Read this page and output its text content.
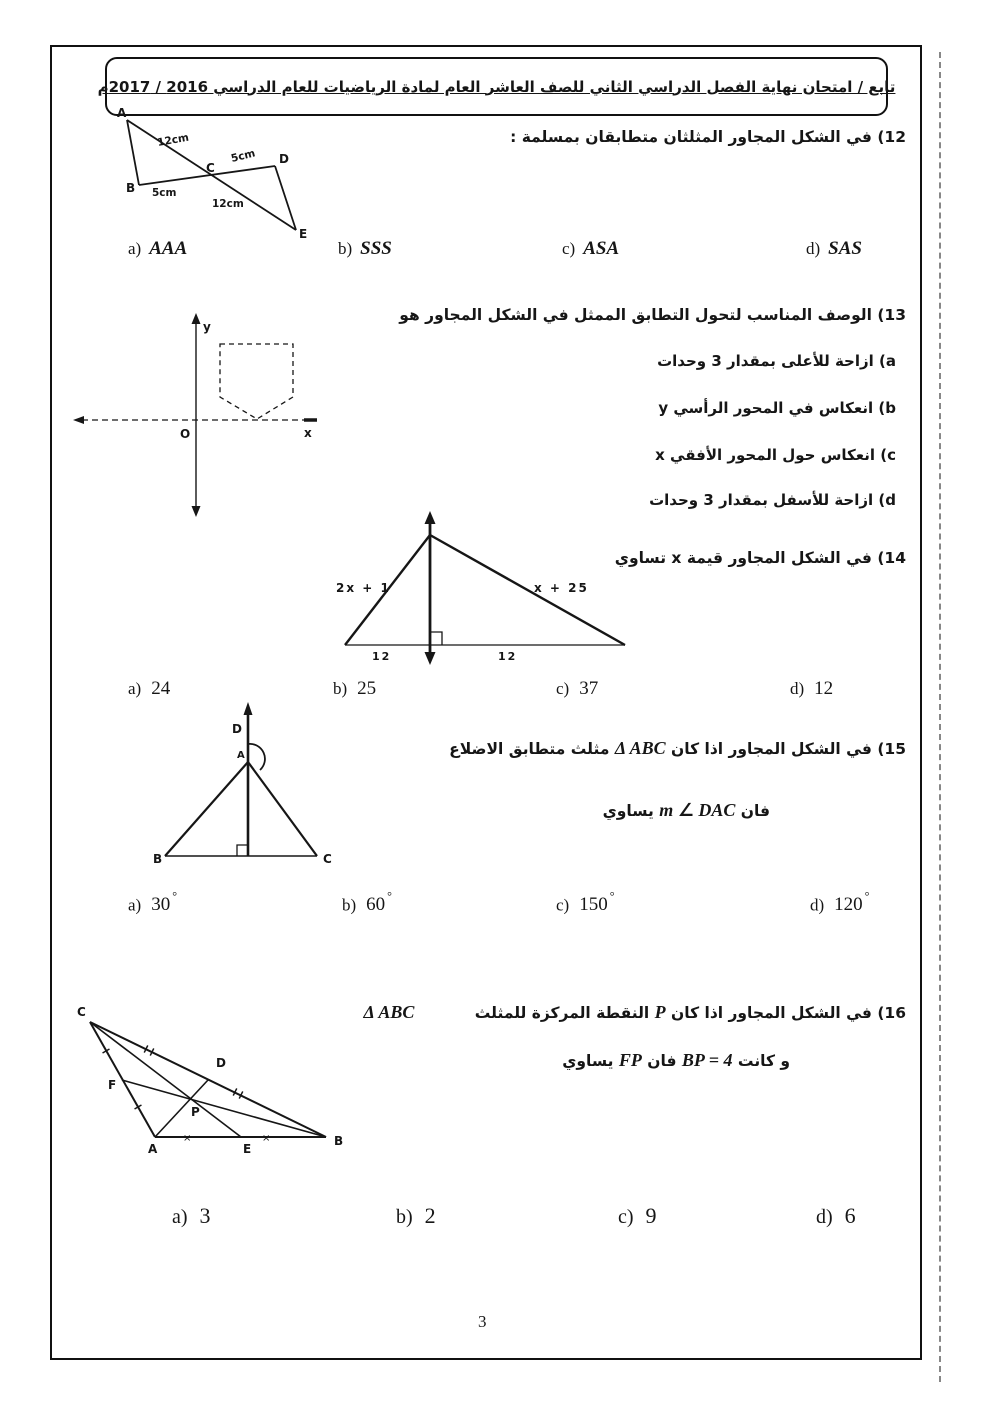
تابع / امتحان نهاية الفصل الدراسي الثاني للصف العاشر العام لمادة الرياضيات للعام الدراسي 2016 / 2017م
12) في الشكل المجاور المثلثان متطابقان بمسلمة :
A
B
C
D
E
12cm
5cm
5cm
12cm
a) AAA	b) SSS	c) ASA	d) SAS
13) الوصف المناسب لتحول التطابق الممثل في الشكل المجاور هو
a) ازاحة للأعلى بمقدار 3 وحدات
b) انعكاس في المحور الرأسي y
c) انعكاس حول المحور الأفقي x
d) ازاحة للأسفل بمقدار 3 وحدات
y
x
O
14) في الشكل المجاور قيمة x تساوي
2x + 1	x + 25
12	12
a) 24	b) 25	c) 37	d) 12
15) في الشكل المجاور اذا كان Δ ABC مثلث متطابق الاضلاع
فان m ∠ DAC يساوي
D
A
B	C
a) 30 °	b) 60 °	c) 150 °	d) 120 °
16) في الشكل المجاور اذا كان P النقطة المركزة للمثلث Δ ABC
و كانت BP = 4 فان FP يساوي
×	×
C
A
B
D
E
F
P
a) 3	b) 2	c) 9	d) 6
3
